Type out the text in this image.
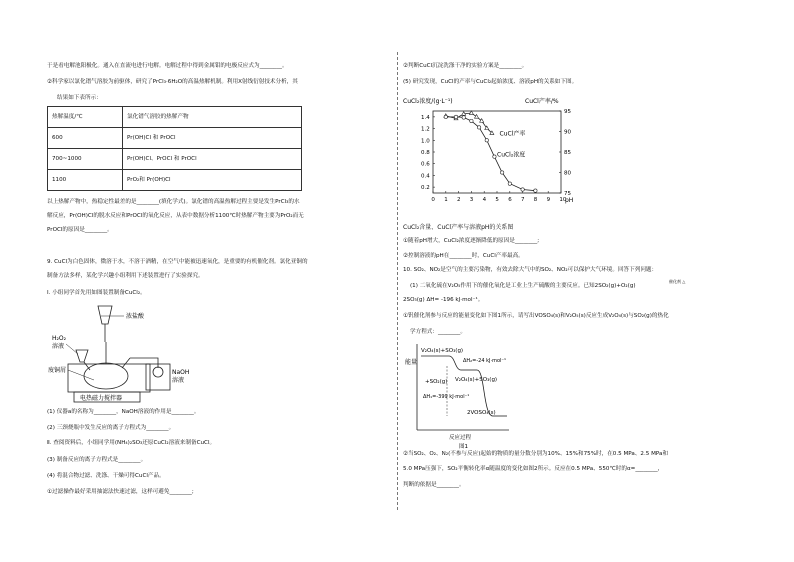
于是看电解池阳极化。通入在直流电进行电解。电解过程中得到金属钼的电极反应式为________。
②科学家以氯化镨气溶胶为前驱体，研究了PrCl₃·6H₂O的高温热解机制。利用X射线衍射技术分析，其
结果如下表所示：
热解温度/℃	氯化镨气溶胶的热解产物
600	Pr(OH)Cl 和 PrOCl
700~1000	Pr(OH)Cl、PrOCl 和 PrOCl
1100	PrO₂和 Pr(OH)Cl
以上热解产物中，热稳定性最差的是________(填化学式)。氯化镨的高温热解过程主要是发生PrCl₃的水
解反应，Pr(OH)Cl的脱水反应和PrOCl的氧化反应，从表中数据分析1100℃时热解产物主要为PrO₂而无
PrOCl的原因是________。
9. CuCl为白色固体，微溶于水，不溶于酒精，在空气中能被迅速氧化，是重要的有机催化剂。氯化亚铜的
制备方法多样，某化学兴趣小组利用下述装置进行了实验探究。
Ⅰ. 小组同学首先用如图装置制备CuCl₂。
浓盐酸
H₂O₂
溶液
NaOH
溶液
废铜屑
电热磁力搅拌器
(1) 仪器a的名称为________，NaOH溶液的作用是________。
(2) 三颈烧瓶中发生反应的离子方程式为________。
Ⅱ. 查阅资料后，小组同学用(NH₄)₂SO₃还原CuCl₂溶液来制备CuCl。
(3) 制备反应的离子方程式是________。
(4) 将混合物过滤、洗涤、干燥可得CuCl产品。
①过滤操作最好采用抽滤法快速过滤，这样可避免________;
②判断CuCl沉淀洗涤干净的实验方案是________。
(5) 研究发现，CuCl的产率与CuCl₂起始浓度、溶液pH的关系如下图。
CuCl₂浓度/(g·L⁻¹)	CuCl产率/%
pH
0 1 2 3 4 5 6 7 8 9 10
0.2
0.4
0.6
0.8
1.0
1.2
1.4
75
80
85
90
95
CuCl产率
CuCl₂浓度
CuCl₂含量、CuCl产率与溶液pH的关系图
①随着pH增大，CuCl₂浓度逐渐降低的原因是________;
②控制溶液的pH在________时，CuCl产率最高。
10. SO₂、NO₂是空气的主要污染物，有效去除大气中的SO₂、NO₂可以保护大气环境。回答下列问题：
(1) 二氧化硫在V₂O₅作用下的催化氧化是工业上生产硫酸的主要反应。已知2SO₂(g)+O₂(g)
催化剂 △
2SO₃(g) ΔH= -196 kJ·mol⁻¹。
①钒催化剂参与反应的能量变化如下图1所示，请写出VOSO₄(s)和V₂O₅(s)反应生成V₂O₄(s)与SO₂(g)的热化
学方程式：________。
能量
V₂O₄(s)+SO₃(g)
ΔH₂=-24 kJ·mol⁻¹
V₂O₄(s)+SO₃(g)
+SO₂(g)
ΔH₁=-399 kJ·mol⁻¹
2VOSO₄(s)
反应过程
图1
②当SO₂、O₂、N₂(不参与反应)起始的物质的量分数分别为10%、15%和75%时，在0.5 MPa、2.5 MPa和
5.0 MPa压强下，SO₂平衡转化率α随温度的变化如图2所示。反应在0.5 MPa、550℃时的α=________，
判断的依据是________。
